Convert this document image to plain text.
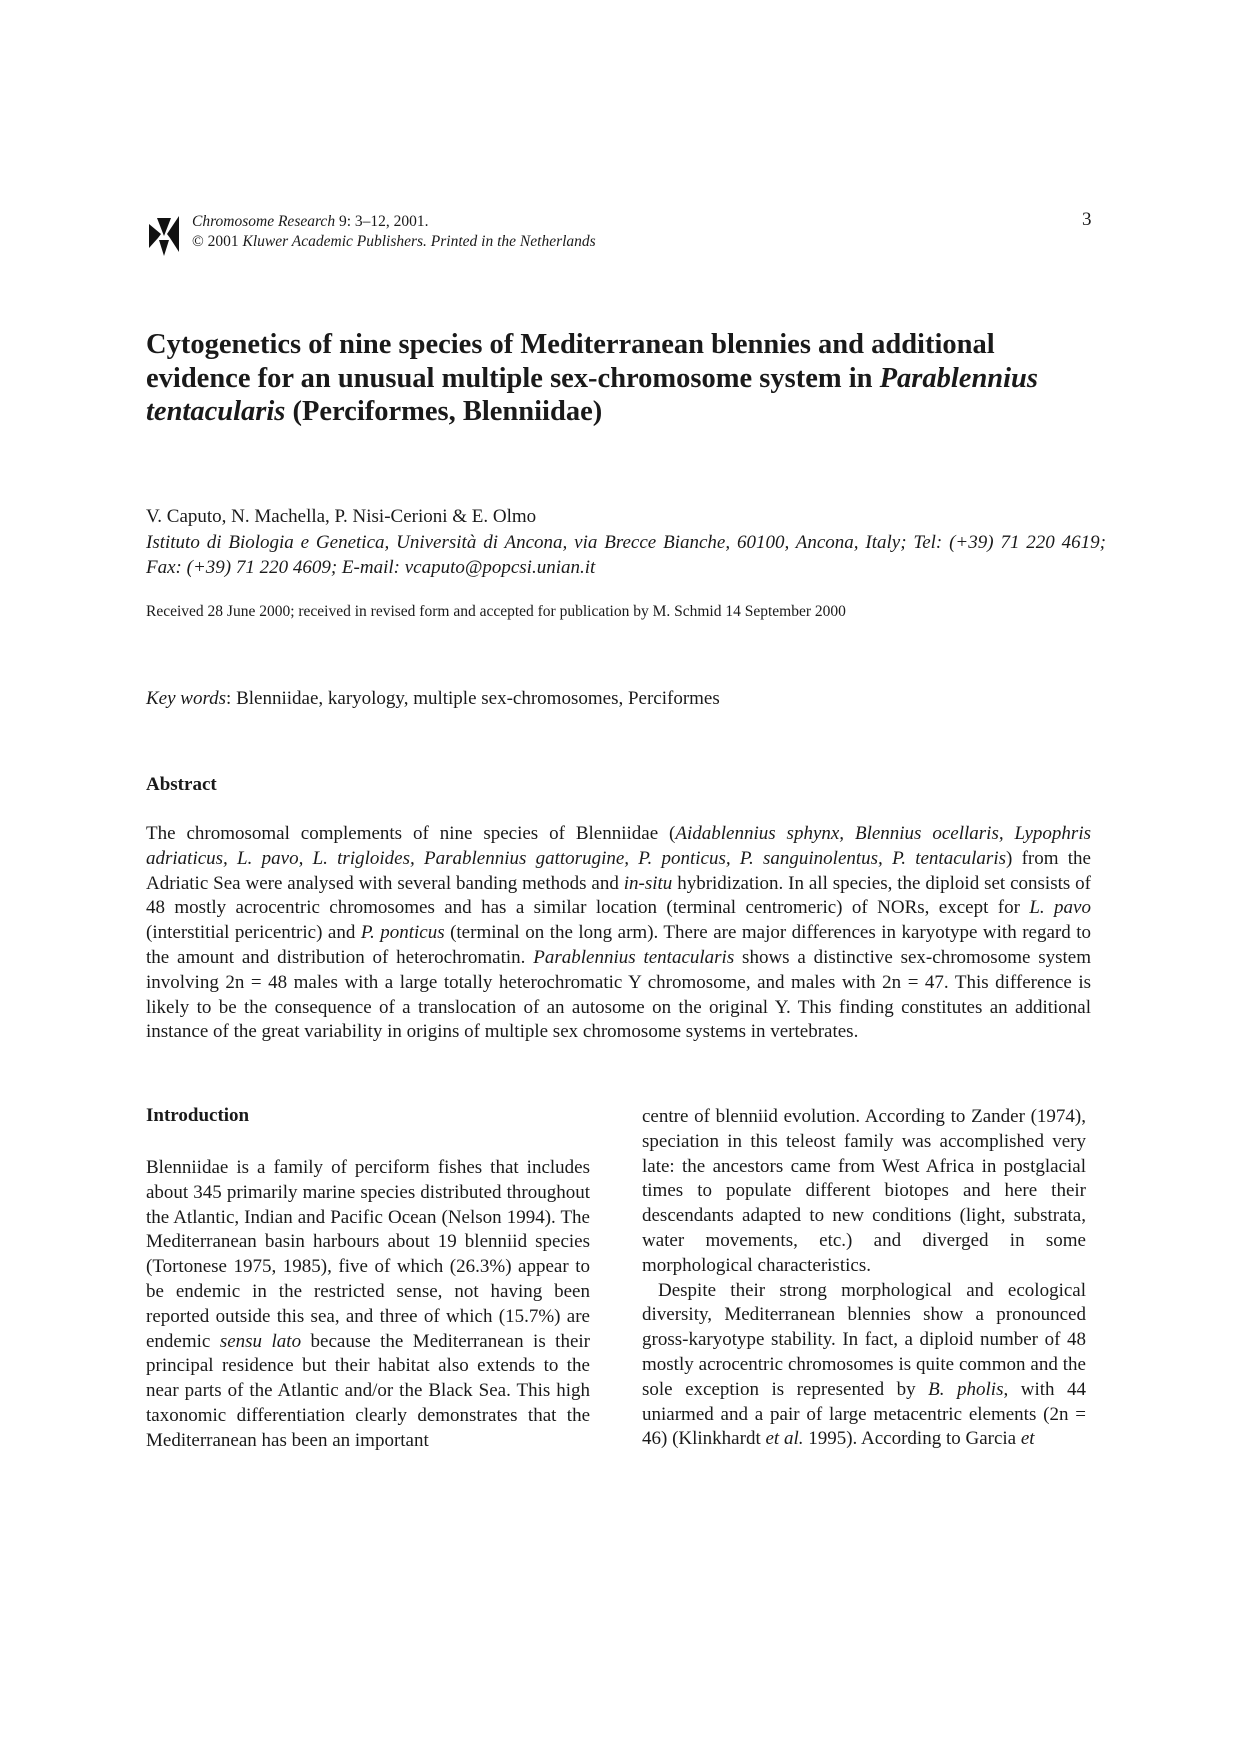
Chromosome Research 9: 3–12, 2001.
© 2001 Kluwer Academic Publishers. Printed in the Netherlands
3
Cytogenetics of nine species of Mediterranean blennies and additional evidence for an unusual multiple sex-chromosome system in Parablennius tentacularis (Perciformes, Blenniidae)
V. Caputo, N. Machella, P. Nisi-Cerioni & E. Olmo
Istituto di Biologia e Genetica, Università di Ancona, via Brecce Bianche, 60100, Ancona, Italy; Tel: (+39) 71 220 4619; Fax: (+39) 71 220 4609; E-mail: vcaputo@popcsi.unian.it
Received 28 June 2000; received in revised form and accepted for publication by M. Schmid 14 September 2000
Key words: Blenniidae, karyology, multiple sex-chromosomes, Perciformes
Abstract
The chromosomal complements of nine species of Blenniidae (Aidablennius sphynx, Blennius ocellaris, Lypophris adriaticus, L. pavo, L. trigloides, Parablennius gattorugine, P. ponticus, P. sanguinolentus, P. tentacularis) from the Adriatic Sea were analysed with several banding methods and in-situ hybridization. In all species, the diploid set consists of 48 mostly acrocentric chromosomes and has a similar location (terminal centromeric) of NORs, except for L. pavo (interstitial pericentric) and P. ponticus (terminal on the long arm). There are major differences in karyotype with regard to the amount and distribution of heterochromatin. Parablennius tentacularis shows a distinctive sex-chromosome system involving 2n = 48 males with a large totally heterochromatic Y chromosome, and males with 2n = 47. This difference is likely to be the consequence of a translocation of an autosome on the original Y. This finding constitutes an additional instance of the great variability in origins of multiple sex chromosome systems in vertebrates.
Introduction

Blenniidae is a family of perciform fishes that includes about 345 primarily marine species distributed throughout the Atlantic, Indian and Pacific Ocean (Nelson 1994). The Mediterranean basin harbours about 19 blenniid species (Tortonese 1975, 1985), five of which (26.3%) appear to be endemic in the restricted sense, not having been reported outside this sea, and three of which (15.7%) are endemic sensu lato because the Mediterranean is their principal residence but their habitat also extends to the near parts of the Atlantic and/or the Black Sea. This high taxonomic differentiation clearly demonstrates that the Mediterranean has been an important

centre of blenniid evolution. According to Zander (1974), speciation in this teleost family was accomplished very late: the ancestors came from West Africa in postglacial times to populate different biotopes and here their descendants adapted to new conditions (light, substrata, water movements, etc.) and diverged in some morphological characteristics.

Despite their strong morphological and ecological diversity, Mediterranean blennies show a pronounced gross-karyotype stability. In fact, a diploid number of 48 mostly acrocentric chromosomes is quite common and the sole exception is represented by B. pholis, with 44 uniarmed and a pair of large metacentric elements (2n = 46) (Klinkhardt et al. 1995). According to Garcia et
